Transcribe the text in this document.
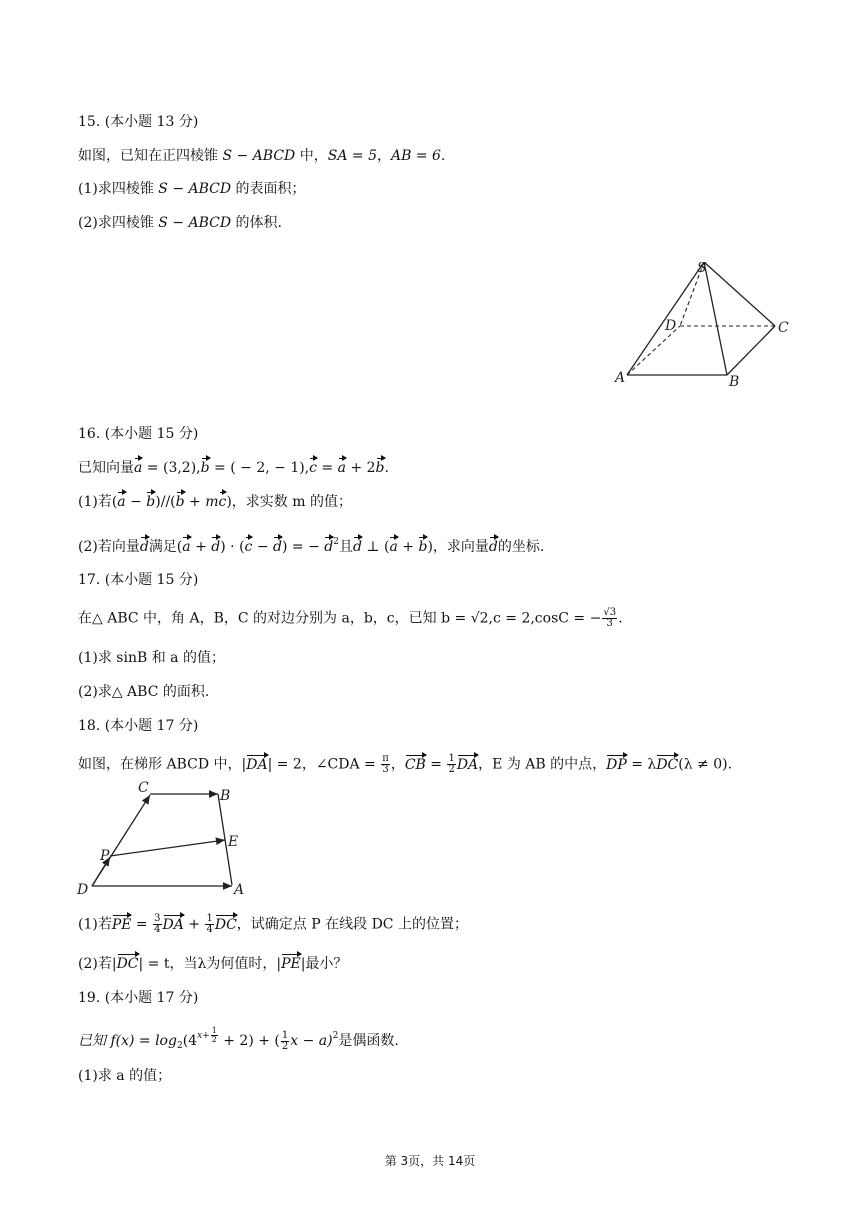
15. (本小题 13 分)
如图，已知在正四棱锥 S − ABCD 中，SA = 5，AB = 6.
(1)求四棱锥 S − ABCD 的表面积；
(2)求四棱锥 S − ABCD 的体积.
S
D	C
A	B
16. (本小题 15 分)
已知向量a = (3,2),b = ( − 2, − 1),c = a + 2b.
(1)若(a − b)//(b + mc)，求实数 m 的值；
(2)若向量d满足(a + d) · (c − d) = − $d^2$且d ⊥ (a + b)，求向量d的坐标.
17. (本小题 15 分)
在△ ABC 中，角 A，B，C 的对边分别为 a，b，c，已知 b = √2,c = 2,cosC = − $\frac{√3}{3}$ .
(1)求 sinB 和 a 的值；
(2)求△ ABC 的面积.
18. (本小题 17 分)
如图，在梯形 ABCD 中，|DA| = 2，∠CDA = $\frac{\pi}{3}$ ，CB = $\frac{1}{2}$ DA，E 为 AB 的中点，DP = λDC(λ ≠ 0).
C	B
E
P
D	A
(1)若PE = $\frac{3}{4}$ DA + $\frac{1}{4}$ DC，试确定点 P 在线段 DC 上的位置；
(2)若|DC| = t，当λ为何值时，|PE|最小？
19. (本小题 17 分)
已知 $f(x) = \log_2(4^{x+ \frac{1}{2}} + 2)$ + ( $\frac{1}{2}$ x − a)$^2$是偶函数.
(1)求 a 的值；
第 3页，共 14页
